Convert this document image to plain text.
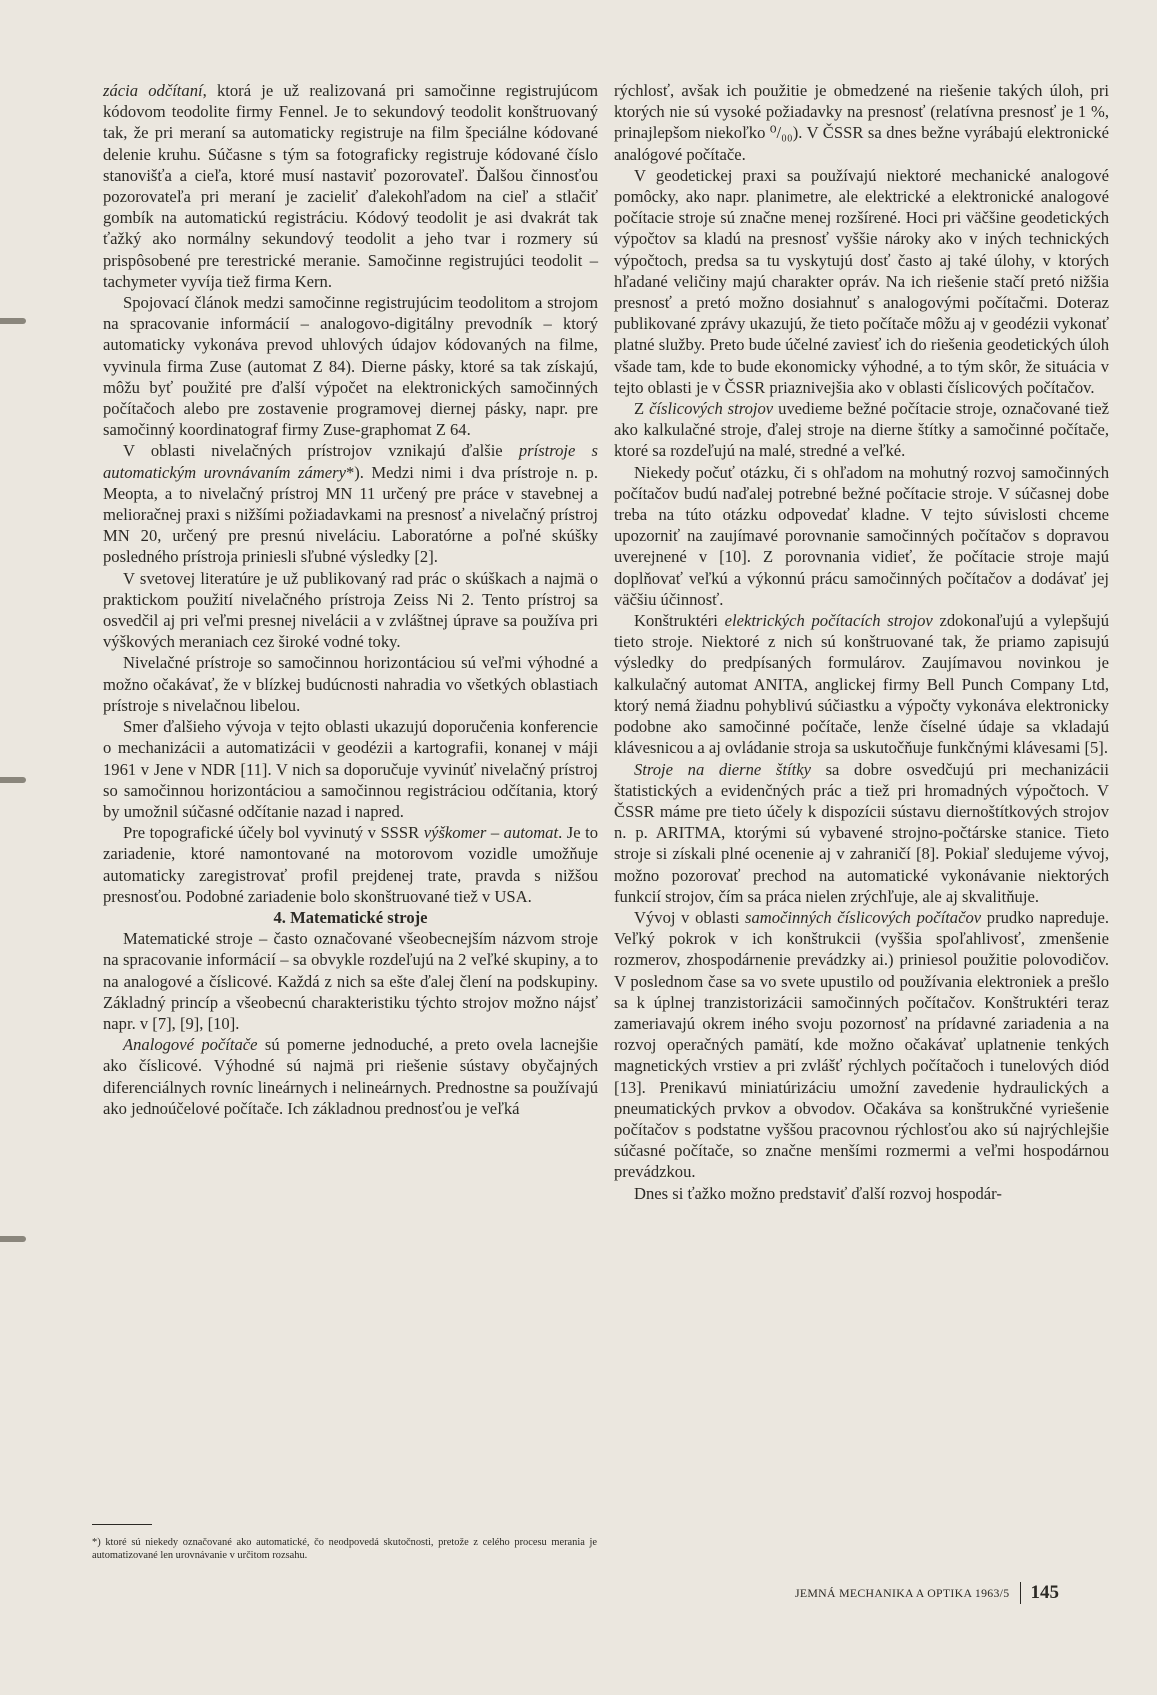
zácia odčítaní, ktorá je už realizovaná pri samočinne registrujúcom kódovom teodolite firmy Fennel. Je to sekundový teodolit konštruovaný tak, že pri meraní sa automaticky registruje na film špeciálne kódované delenie kruhu. Súčasne s tým sa fotograficky registruje kódované číslo stanovišťa a cieľa, ktoré musí nastaviť pozorovateľ. Ďalšou činnosťou pozorovateľa pri meraní je zacieliť ďalekohľadom na cieľ a stlačiť gombík na automatickú registráciu. Kódový teodolit je asi dvakrát tak ťažký ako normálny sekundový teodolit a jeho tvar i rozmery sú prispôsobené pre terestrické meranie. Samočinne registrujúci teodolit – tachymeter vyvíja tiež firma Kern.

Spojovací článok medzi samočinne registrujúcim teodolitom a strojom na spracovanie informácií – analogovo-digitálny prevodník – ktorý automaticky vykonáva prevod uhlových údajov kódovaných na filme, vyvinula firma Zuse (automat Z 84). Dierne pásky, ktoré sa tak získajú, môžu byť použité pre ďalší výpočet na elektronických samočinných počítačoch alebo pre zostavenie programovej diernej pásky, napr. pre samočinný koordinatograf firmy Zuse-graphomat Z 64.

V oblasti nivelačných prístrojov vznikajú ďalšie prístroje s automatickým urovnávaním zámery*). Medzi nimi i dva prístroje n. p. Meopta, a to nivelačný prístroj MN 11 určený pre práce v stavebnej a melioračnej praxi s nižšími požiadavkami na presnosť a nivelačný prístroj MN 20, určený pre presnú niveláciu. Laboratórne a poľné skúšky posledného prístroja priniesli sľubné výsledky [2].

V svetovej literatúre je už publikovaný rad prác o skúškach a najmä o praktickom použití nivelačného prístroja Zeiss Ni 2. Tento prístroj sa osvedčil aj pri veľmi presnej nivelácii a v zvláštnej úprave sa používa pri výškových meraniach cez široké vodné toky.

Nivelačné prístroje so samočinnou horizontáciou sú veľmi výhodné a možno očakávať, že v blízkej budúcnosti nahradia vo všetkých oblastiach prístroje s nivelačnou libelou.

Smer ďalšieho vývoja v tejto oblasti ukazujú doporučenia konferencie o mechanizácii a automatizácii v geodézii a kartografii, konanej v máji 1961 v Jene v NDR [11]. V nich sa doporučuje vyvinúť nivelačný prístroj so samočinnou horizontáciou a samočinnou registráciou odčítania, ktorý by umožnil súčasné odčítanie nazad i napred.

Pre topografické účely bol vyvinutý v SSSR výškomer – automat. Je to zariadenie, ktoré namontované na motorovom vozidle umožňuje automaticky zaregistrovať profil prejdenej trate, pravda s nižšou presnosťou. Podobné zariadenie bolo skonštruované tiež v USA.

4. Matematické stroje

Matematické stroje – často označované všeobecnejším názvom stroje na spracovanie informácií – sa obvykle rozdeľujú na 2 veľké skupiny, a to na analogové a číslicové. Každá z nich sa ešte ďalej člení na podskupiny. Základný princíp a všeobecnú charakteristiku týchto strojov možno nájsť napr. v [7], [9], [10].

Analogové počítače sú pomerne jednoduché, a preto ovela lacnejšie ako číslicové. Výhodné sú najmä pri riešenie sústavy obyčajných diferenciálnych rovníc lineárnych i nelineárnych. Prednostne sa používajú ako jednoúčelové počítače. Ich základnou prednosťou je veľká

rýchlosť, avšak ich použitie je obmedzené na riešenie takých úloh, pri ktorých nie sú vysoké požiadavky na presnosť (relatívna presnosť je 1 %, prinajlepšom niekoľko ⁰/₀₀). V ČSSR sa dnes bežne vyrábajú elektronické analógové počítače.

V geodetickej praxi sa používajú niektoré mechanické analogové pomôcky, ako napr. planimetre, ale elektrické a elektronické analogové počítacie stroje sú značne menej rozšírené. Hoci pri väčšine geodetických výpočtov sa kladú na presnosť vyššie nároky ako v iných technických výpočtoch, predsa sa tu vyskytujú dosť často aj také úlohy, v ktorých hľadané veličiny majú charakter opráv. Na ich riešenie stačí pretó nižšia presnosť a pretó možno dosiahnuť s analogovými počítačmi. Doteraz publikované zprávy ukazujú, že tieto počítače môžu aj v geodézii vykonať platné služby. Preto bude účelné zaviesť ich do riešenia geodetických úloh všade tam, kde to bude ekonomicky výhodné, a to tým skôr, že situácia v tejto oblasti je v ČSSR priaznivejšia ako v oblasti číslicových počítačov.

Z číslicových strojov uvedieme bežné počítacie stroje, označované tiež ako kalkulačné stroje, ďalej stroje na dierne štítky a samočinné počítače, ktoré sa rozdeľujú na malé, stredné a veľké.

Niekedy počuť otázku, či s ohľadom na mohutný rozvoj samočinných počítačov budú naďalej potrebné bežné počítacie stroje. V súčasnej dobe treba na túto otázku odpovedať kladne. V tejto súvislosti chceme upozorniť na zaujímavé porovnanie samočinných počítačov s dopravou uverejnené v [10]. Z porovnania vidieť, že počítacie stroje majú doplňovať veľkú a výkonnú prácu samočinných počítačov a dodávať jej väčšiu účinnosť.

Konštruktéri elektrických počítacích strojov zdokonaľujú a vylepšujú tieto stroje. Niektoré z nich sú konštruované tak, že priamo zapisujú výsledky do predpísaných formulárov. Zaujímavou novinkou je kalkulačný automat ANITA, anglickej firmy Bell Punch Company Ltd, ktorý nemá žiadnu pohyblivú súčiastku a výpočty vykonáva elektronicky podobne ako samočinné počítače, lenže číselné údaje sa vkladajú klávesnicou a aj ovládanie stroja sa uskutočňuje funkčnými klávesami [5].

Stroje na dierne štítky sa dobre osvedčujú pri mechanizácii štatistických a evidenčných prác a tiež pri hromadných výpočtoch. V ČSSR máme pre tieto účely k dispozícii sústavu diernoštítkových strojov n. p. ARITMA, ktorými sú vybavené strojno-počtárske stanice. Tieto stroje si získali plné ocenenie aj v zahraničí [8]. Pokiaľ sledujeme vývoj, možno pozorovať prechod na automatické vykonávanie niektorých funkcií strojov, čím sa práca nielen zrýchľuje, ale aj skvalitňuje.

Vývoj v oblasti samočinných číslicových počítačov prudko napreduje. Veľký pokrok v ich konštrukcii (vyššia spoľahlivosť, zmenšenie rozmerov, zhospodárnenie prevádzky ai.) priniesol použitie polovodičov. V poslednom čase sa vo svete upustilo od používania elektroniek a prešlo sa k úplnej tranzistorizácii samočinných počítačov. Konštruktéri teraz zameriavajú okrem iného svoju pozornosť na prídavné zariadenia a na rozvoj operačných pamätí, kde možno očakávať uplatnenie tenkých magnetických vrstiev a pri zvlášť rýchlych počítačoch i tunelových diód [13]. Prenikavú miniatúrizáciu umožní zavedenie hydraulických a pneumatických prvkov a obvodov. Očakáva sa konštrukčné vyriešenie počítačov s podstatne vyššou pracovnou rýchlosťou ako sú najrýchlejšie súčasné počítače, so značne menšími rozmermi a veľmi hospodárnou prevádzkou.

Dnes si ťažko možno predstaviť ďalší rozvoj hospodár-

*) ktoré sú niekedy označované ako automatické, čo neodpovedá skutočnosti, pretože z celého procesu merania je automatizované len urovnávanie v určitom rozsahu.
JEMNÁ MECHANIKA A OPTIKA 1963/5 145
